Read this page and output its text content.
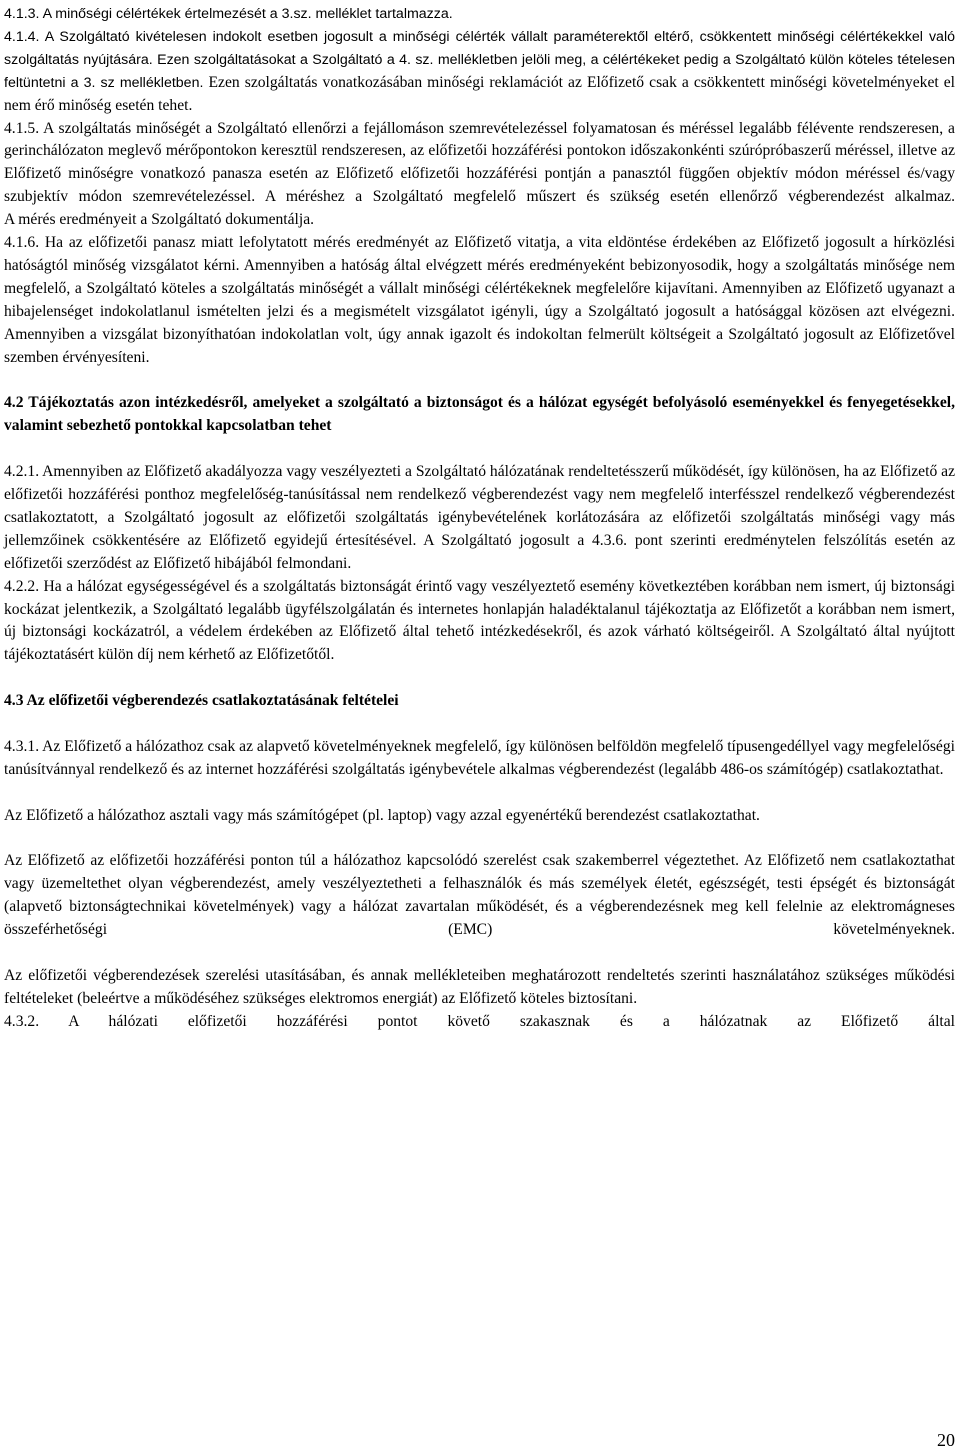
4.1.3. A minőségi célértékek értelmezését a 3.sz. melléklet tartalmazza.

4.1.4. A Szolgáltató kivételesen indokolt esetben jogosult a minőségi célérték vállalt paraméterektől eltérő, csökkentett minőségi célértékekkel való szolgáltatás nyújtására. Ezen szolgáltatásokat a Szolgáltató a 4. sz. mellékletben jelöli meg, a célértékeket pedig a Szolgáltató külön köteles tételesen feltüntetni a 3. sz mellékletben. Ezen szolgáltatás vonatkozásában minőségi reklamációt az Előfizető csak a csökkentett minőségi követelményeket el nem érő minőség esetén tehet.

4.1.5. A szolgáltatás minőségét a Szolgáltató ellenőrzi a fejállomáson szemrevételezéssel folyamatosan és méréssel legalább félévente rendszeresen, a gerinchálózaton meglevő mérőpontokon keresztül rendszeresen, az előfizetői hozzáférési pontokon időszakonkénti szúrópróbaszerű méréssel, illetve az Előfizető minőségre vonatkozó panasza esetén az Előfizető előfizetői hozzáférési pontján a panasztól függően objektív módon méréssel és/vagy szubjektív módon szemrevételezéssel. A méréshez a Szolgáltató megfelelő műszert és szükség esetén ellenőrző végberendezést alkalmaz.

A mérés eredményeit a Szolgáltató dokumentálja.

4.1.6. Ha az előfizetői panasz miatt lefolytatott mérés eredményét az Előfizető vitatja, a vita eldöntése érdekében az Előfizető jogosult a hírközlési hatóságtól minőség vizsgálatot kérni. Amennyiben a hatóság által elvégzett mérés eredményeként bebizonyosodik, hogy a szolgáltatás minősége nem megfelelő, a Szolgáltató köteles a szolgáltatás minőségét a vállalt minőségi célértékeknek megfelelőre kijavítani. Amennyiben az Előfizető ugyanazt a hibajelenséget indokolatlanul ismételten jelzi és a megismételt vizsgálatot igényli, úgy a Szolgáltató jogosult a hatósággal közösen azt elvégezni. Amennyiben a vizsgálat bizonyíthatóan indokolatlan volt, úgy annak igazolt és indokoltan felmerült költségeit a Szolgáltató jogosult az Előfizetővel szemben érvényesíteni.

4.2 Tájékoztatás azon intézkedésről, amelyeket a szolgáltató a biztonságot és a hálózat egységét befolyásoló eseményekkel és fenyegetésekkel, valamint sebezhető pontokkal kapcsolatban tehet

4.2.1. Amennyiben az Előfizető akadályozza vagy veszélyezteti a Szolgáltató hálózatának rendeltetésszerű működését, így különösen, ha az Előfizető az előfizetői hozzáférési ponthoz megfelelőség-tanúsítással nem rendelkező végberendezést vagy nem megfelelő interfésszel rendelkező végberendezést csatlakoztatott, a Szolgáltató jogosult az előfizetői szolgáltatás igénybevételének korlátozására az előfizetői szolgáltatás minőségi vagy más jellemzőinek csökkentésére az Előfizető egyidejű értesítésével. A Szolgáltató jogosult a 4.3.6. pont szerinti eredménytelen felszólítás esetén az előfizetői szerződést az Előfizető hibájából felmondani.

4.2.2. Ha a hálózat egységességével és a szolgáltatás biztonságát érintő vagy veszélyeztető esemény következtében korábban nem ismert, új biztonsági kockázat jelentkezik, a Szolgáltató legalább ügyfélszolgálatán és internetes honlapján haladéktalanul tájékoztatja az Előfizetőt a korábban nem ismert, új biztonsági kockázatról, a védelem érdekében az Előfizető által tehető intézkedésekről, és azok várható költségeiről. A Szolgáltató által nyújtott tájékoztatásért külön díj nem kérhető az Előfizetőtől.

4.3 Az előfizetői végberendezés csatlakoztatásának feltételei

4.3.1. Az Előfizető a hálózathoz csak az alapvető követelményeknek megfelelő, így különösen belföldön megfelelő típusengedéllyel vagy megfelelőségi tanúsítvánnyal rendelkező és az internet hozzáférési szolgáltatás igénybevétele alkalmas végberendezést (legalább 486-os számítógép) csatlakoztathat.

Az Előfizető a hálózathoz asztali vagy más számítógépet (pl. laptop) vagy azzal egyenértékű berendezést csatlakoztathat.

Az Előfizető az előfizetői hozzáférési ponton túl a hálózathoz kapcsolódó szerelést csak szakemberrel végeztethet. Az Előfizető nem csatlakoztathat vagy üzemeltethet olyan végberendezést, amely veszélyeztetheti a felhasználók és más személyek életét, egészségét, testi épségét és biztonságát (alapvető biztonságtechnikai követelmények) vagy a hálózat zavartalan működését, és a végberendezésnek meg kell felelnie az elektromágneses összeférhetőségi (EMC) követelményeknek.

Az előfizetői végberendezések szerelési utasításában, és annak mellékleteiben meghatározott rendeltetés szerinti használatához szükséges működési feltételeket (beleértve a működéséhez szükséges elektromos energiát) az Előfizető köteles biztosítani.

4.3.2. A hálózati előfizetői hozzáférési pontot követő szakasznak és a hálózatnak az Előfizető által

20
